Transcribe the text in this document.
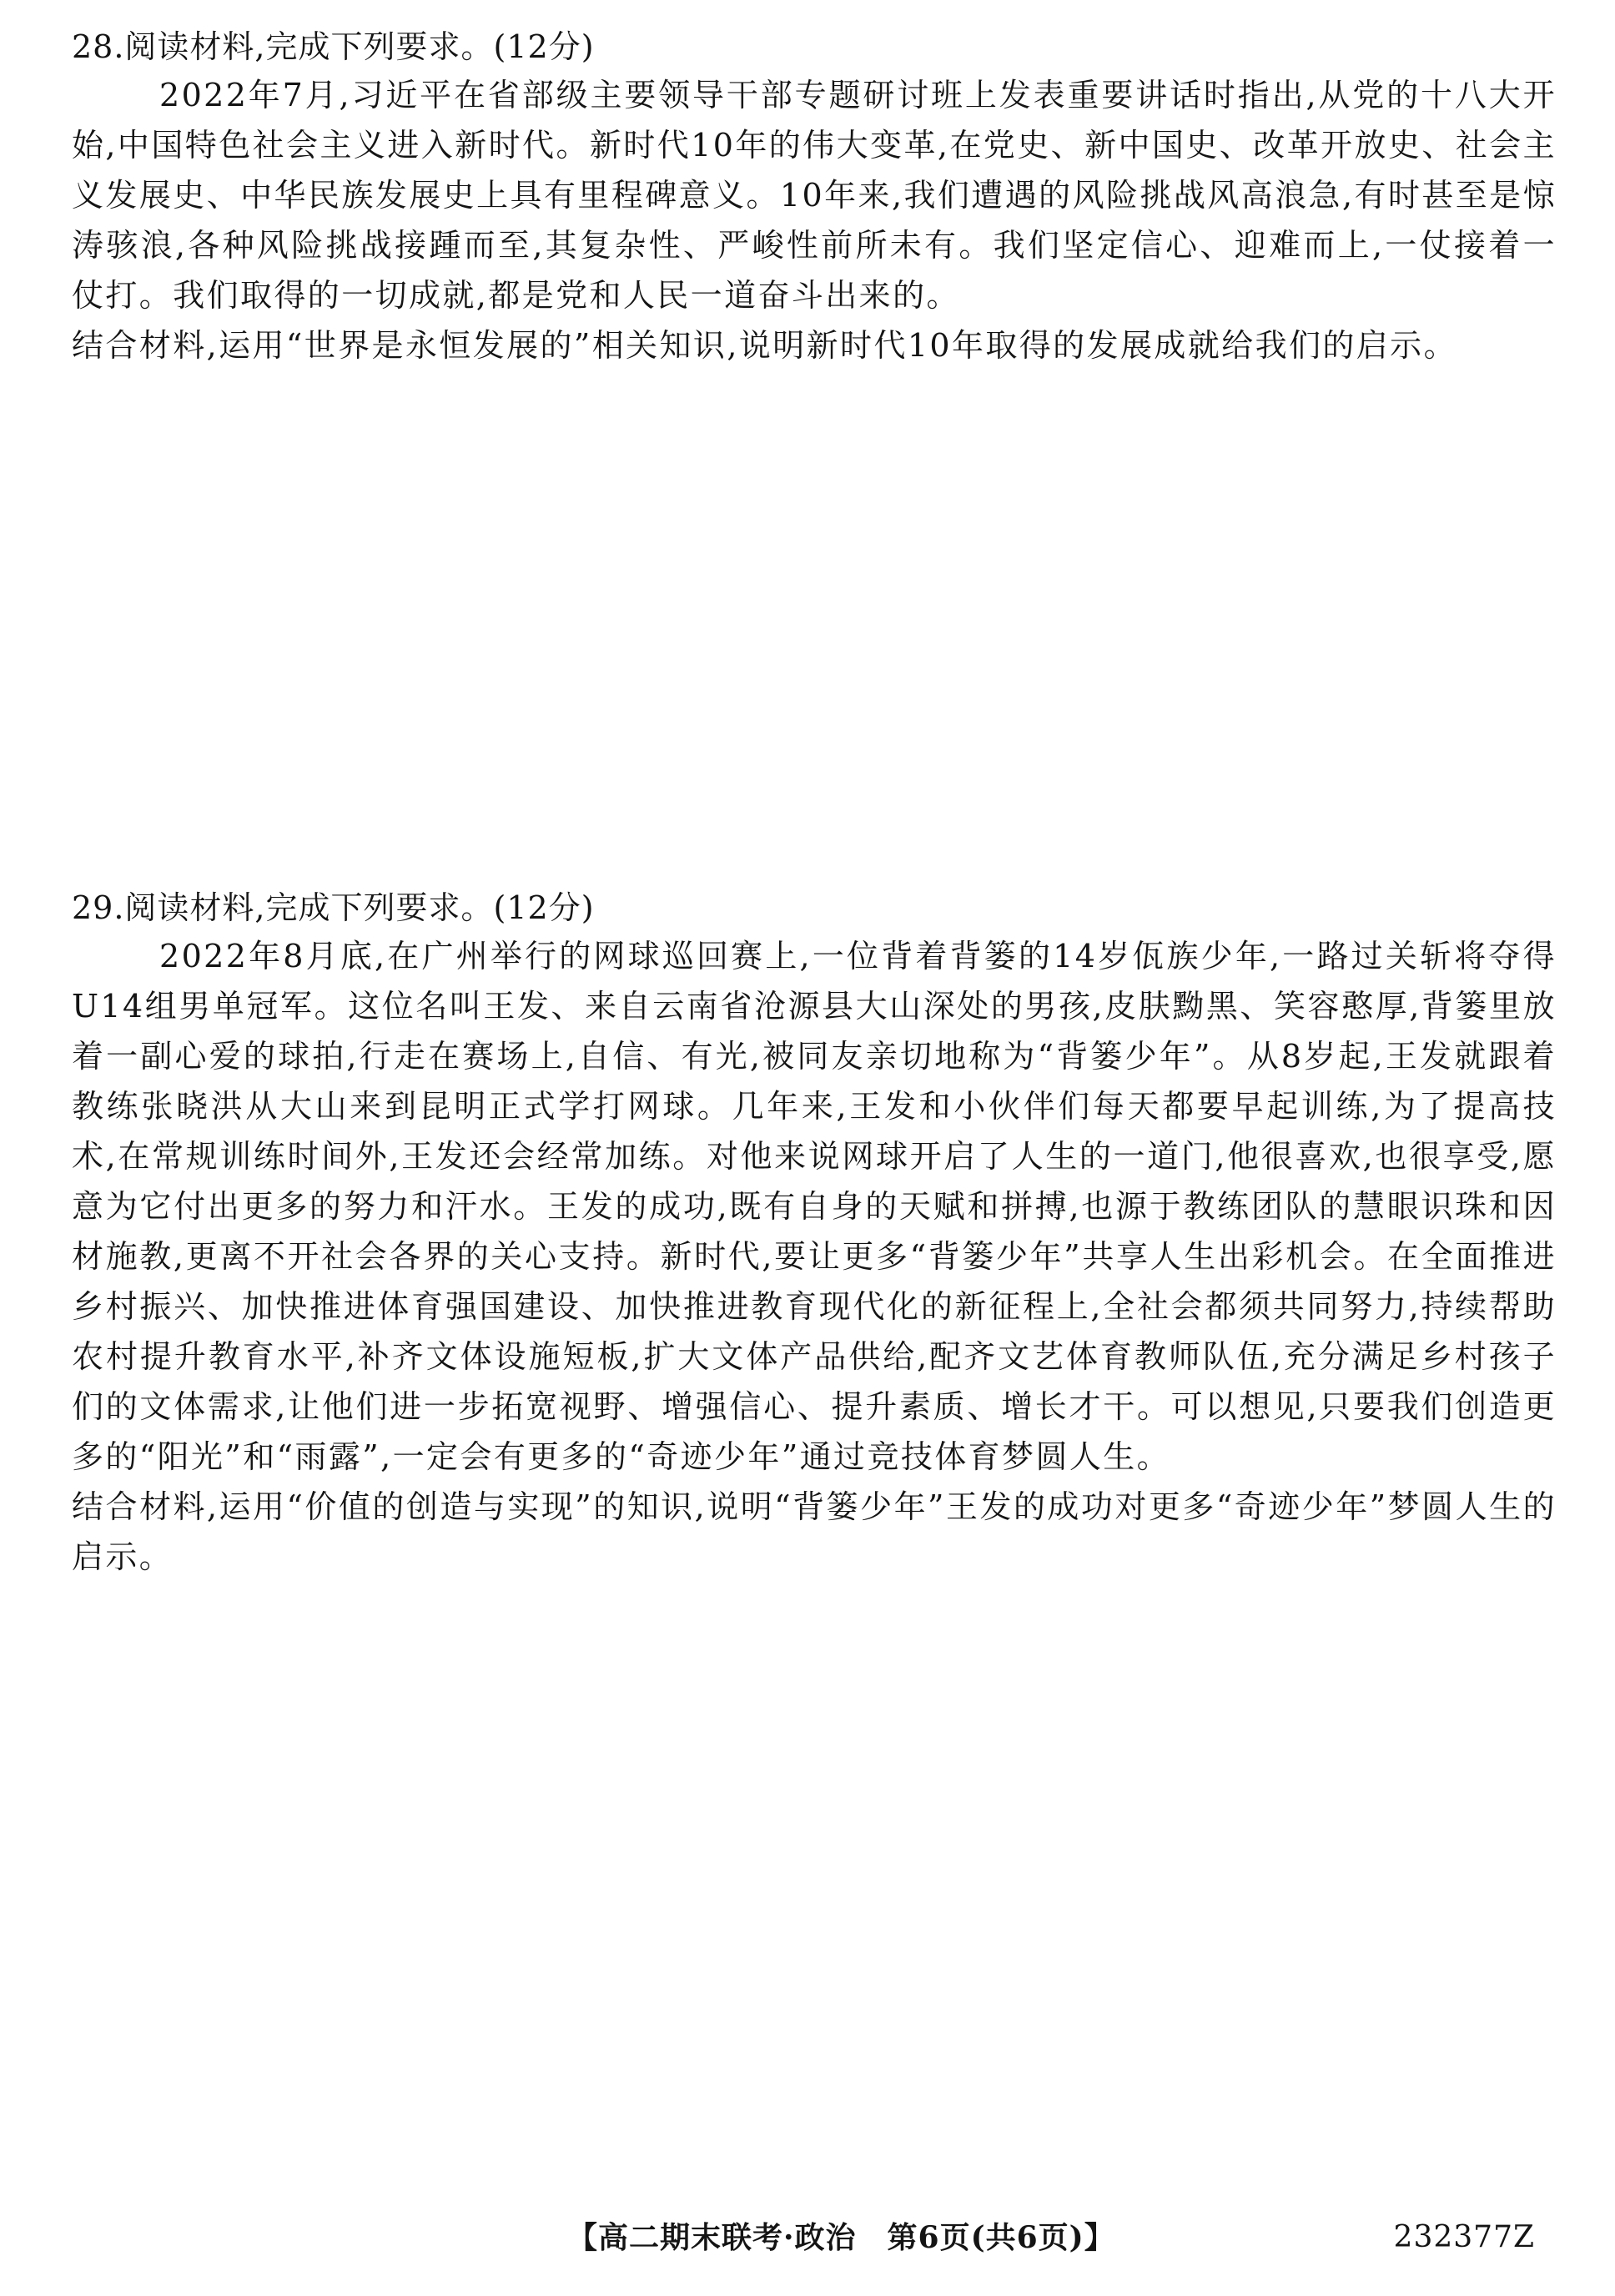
28.阅读材料,完成下列要求。(12分)

2022年7月,习近平在省部级主要领导干部专题研讨班上发表重要讲话时指出,从党的十八大开始,中国特色社会主义进入新时代。新时代10年的伟大变革,在党史、新中国史、改革开放史、社会主义发展史、中华民族发展史上具有里程碑意义。10年来,我们遭遇的风险挑战风高浪急,有时甚至是惊涛骇浪,各种风险挑战接踵而至,其复杂性、严峻性前所未有。我们坚定信心、迎难而上,一仗接着一仗打。我们取得的一切成就,都是党和人民一道奋斗出来的。

结合材料,运用“世界是永恒发展的”相关知识,说明新时代10年取得的发展成就给我们的启示。

29.阅读材料,完成下列要求。(12分)

2022年8月底,在广州举行的网球巡回赛上,一位背着背篓的14岁佤族少年,一路过关斩将夺得U14组男单冠军。这位名叫王发、来自云南省沧源县大山深处的男孩,皮肤黝黑、笑容憨厚,背篓里放着一副心爱的球拍,行走在赛场上,自信、有光,被同友亲切地称为“背篓少年”。从8岁起,王发就跟着教练张晓洪从大山来到昆明正式学打网球。几年来,王发和小伙伴们每天都要早起训练,为了提高技术,在常规训练时间外,王发还会经常加练。对他来说网球开启了人生的一道门,他很喜欢,也很享受,愿意为它付出更多的努力和汗水。王发的成功,既有自身的天赋和拼搏,也源于教练团队的慧眼识珠和因材施教,更离不开社会各界的关心支持。新时代,要让更多“背篓少年”共享人生出彩机会。在全面推进乡村振兴、加快推进体育强国建设、加快推进教育现代化的新征程上,全社会都须共同努力,持续帮助农村提升教育水平,补齐文体设施短板,扩大文体产品供给,配齐文艺体育教师队伍,充分满足乡村孩子们的文体需求,让他们进一步拓宽视野、增强信心、提升素质、增长才干。可以想见,只要我们创造更多的“阳光”和“雨露”,一定会有更多的“奇迹少年”通过竞技体育梦圆人生。

结合材料,运用“价值的创造与实现”的知识,说明“背篓少年”王发的成功对更多“奇迹少年”梦圆人生的启示。

【高二期末联考·政治　第6页(共6页)】	232377Z
